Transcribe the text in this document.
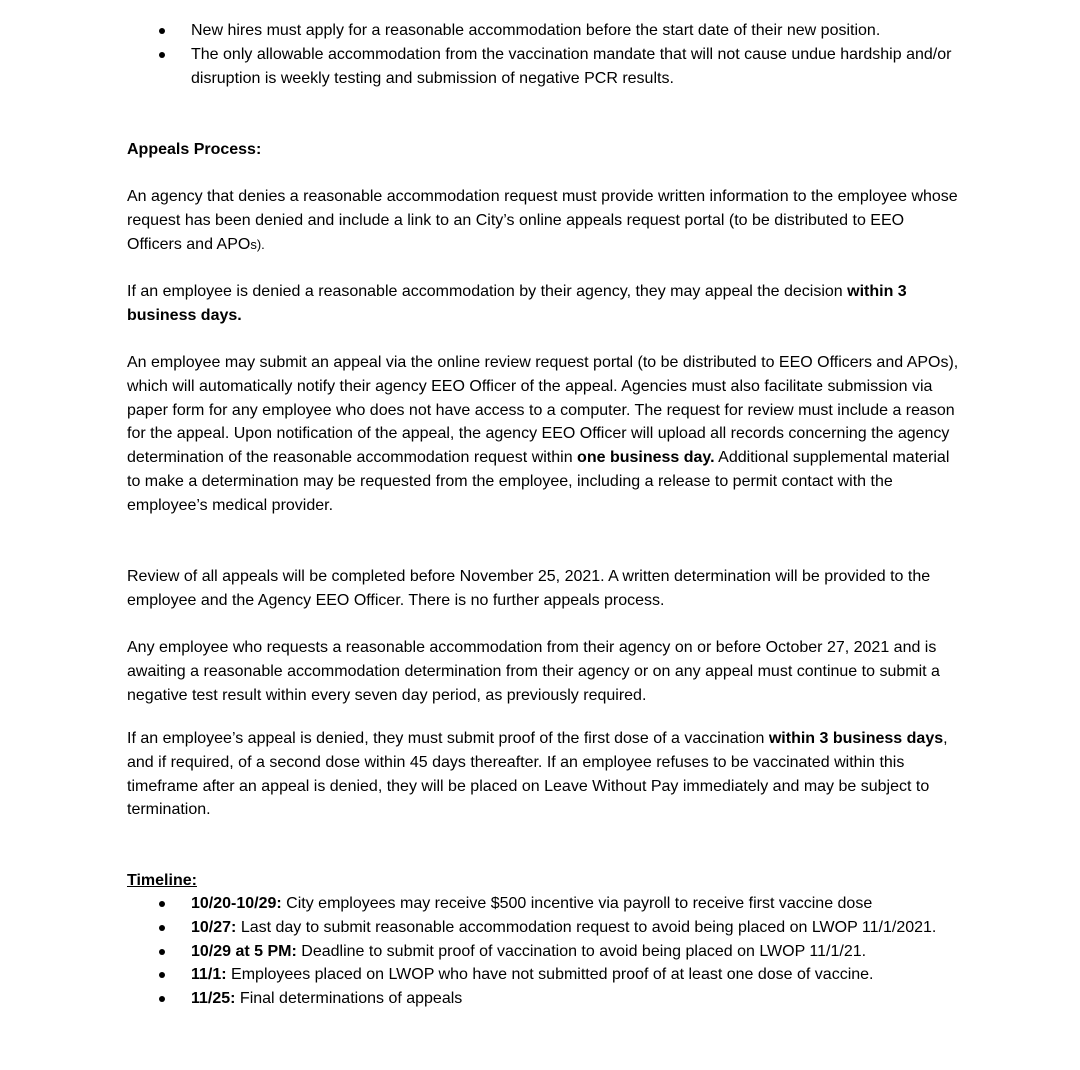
New hires must apply for a reasonable accommodation before the start date of their new position.
The only allowable accommodation from the vaccination mandate that will not cause undue hardship and/or disruption is weekly testing and submission of negative PCR results.
Appeals Process:
An agency that denies a reasonable accommodation request must provide written information to the employee whose request has been denied and include a link to an City’s online appeals request portal (to be distributed to EEO Officers and APOs).
If an employee is denied a reasonable accommodation by their agency, they may appeal the decision within 3 business days.
An employee may submit an appeal via the online review request portal (to be distributed to EEO Officers and APOs), which will automatically notify their agency EEO Officer of the appeal. Agencies must also facilitate submission via paper form for any employee who does not have access to a computer. The request for review must include a reason for the appeal. Upon notification of the appeal, the agency EEO Officer will upload all records concerning the agency determination of the reasonable accommodation request within one business day. Additional supplemental material to make a determination may be requested from the employee, including a release to permit contact with the employee’s medical provider.
Review of all appeals will be completed before November 25, 2021. A written determination will be provided to the employee and the Agency EEO Officer. There is no further appeals process.
Any employee who requests a reasonable accommodation from their agency on or before October 27, 2021 and is awaiting a reasonable accommodation determination from their agency or on any appeal must continue to submit a negative test result within every seven day period, as previously required.
If an employee’s appeal is denied, they must submit proof of the first dose of a vaccination within 3 business days, and if required, of a second dose within 45 days thereafter. If an employee refuses to be vaccinated within this timeframe after an appeal is denied, they will be placed on Leave Without Pay immediately and may be subject to termination.
Timeline:
10/20-10/29: City employees may receive $500 incentive via payroll to receive first vaccine dose
10/27: Last day to submit reasonable accommodation request to avoid being placed on LWOP 11/1/2021.
10/29 at 5 PM: Deadline to submit proof of vaccination to avoid being placed on LWOP 11/1/21.
11/1: Employees placed on LWOP who have not submitted proof of at least one dose of vaccine.
11/25: Final determinations of appeals
